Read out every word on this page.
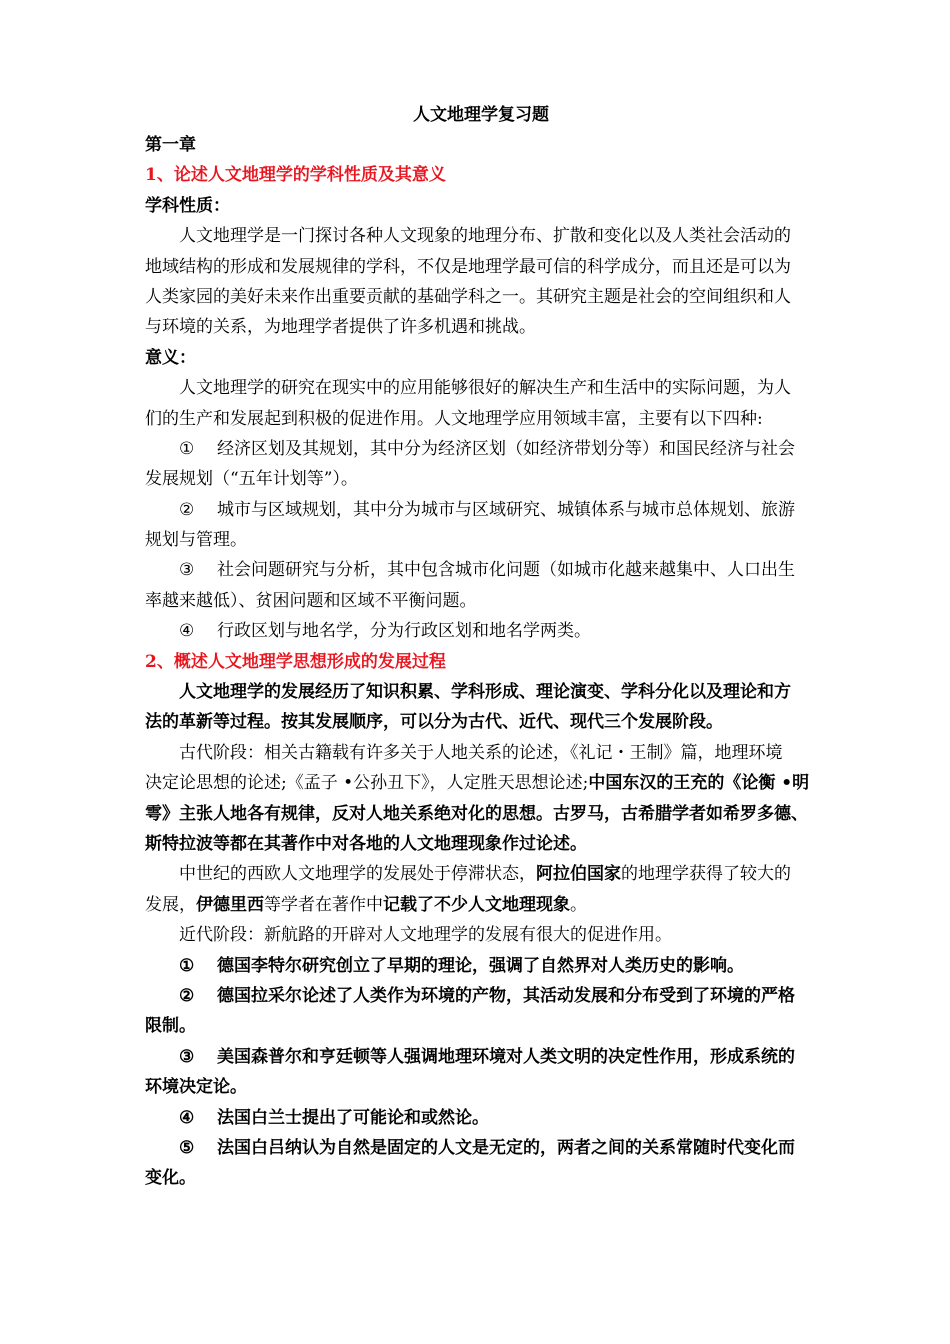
人文地理学复习题
第一章
1、论述人文地理学的学科性质及其意义
学科性质：
人文地理学是一门探讨各种人文现象的地理分布、扩散和变化以及人类社会活动的
地域结构的形成和发展规律的学科，不仅是地理学最可信的科学成分，而且还是可以为
人类家园的美好未来作出重要贡献的基础学科之一。其研究主题是社会的空间组织和人
与环境的关系，为地理学者提供了许多机遇和挑战。
意义：
人文地理学的研究在现实中的应用能够很好的解决生产和生活中的实际问题，为人
们的生产和发展起到积极的促进作用。人文地理学应用领域丰富，主要有以下四种:
① 经济区划及其规划，其中分为经济区划（如经济带划分等）和国民经济与社会
发展规划（“五年计划等”）。
② 城市与区域规划，其中分为城市与区域研究、城镇体系与城市总体规划、旅游
规划与管理。
③ 社会问题研究与分析，其中包含城市化问题（如城市化越来越集中、人口出生
率越来越低）、贫困问题和区域不平衡问题。
④ 行政区划与地名学，分为行政区划和地名学两类。
2、概述人文地理学思想形成的发展过程
人文地理学的发展经历了知识积累、学科形成、理论演变、学科分化以及理论和方
法的革新等过程。按其发展顺序，可以分为古代、近代、现代三个发展阶段。
古代阶段：相关古籍载有许多关于人地关系的论述，《礼记・王制》篇，地理环境
决定论思想的论述;《孟子 •公孙丑下》，人定胜天思想论述;中国东汉的王充的《论衡 •明
雩》主张人地各有规律，反对人地关系绝对化的思想。古罗马，古希腊学者如希罗多德、
斯特拉波等都在其著作中对各地的人文地理现象作过论述。
中世纪的西欧人文地理学的发展处于停滞状态，阿拉伯国家的地理学获得了较大的
发展，伊德里西等学者在著作中记载了不少人文地理现象。
近代阶段：新航路的开辟对人文地理学的发展有很大的促进作用。
① 德国李特尔研究创立了早期的理论，强调了自然界对人类历史的影响。
② 德国拉采尔论述了人类作为环境的产物，其活动发展和分布受到了环境的严格
限制。
③ 美国森普尔和亨廷顿等人强调地理环境对人类文明的决定性作用，形成系统的
环境决定论。
④ 法国白兰士提出了可能论和或然论。
⑤ 法国白吕纳认为自然是固定的人文是无定的，两者之间的关系常随时代变化而
变化。
